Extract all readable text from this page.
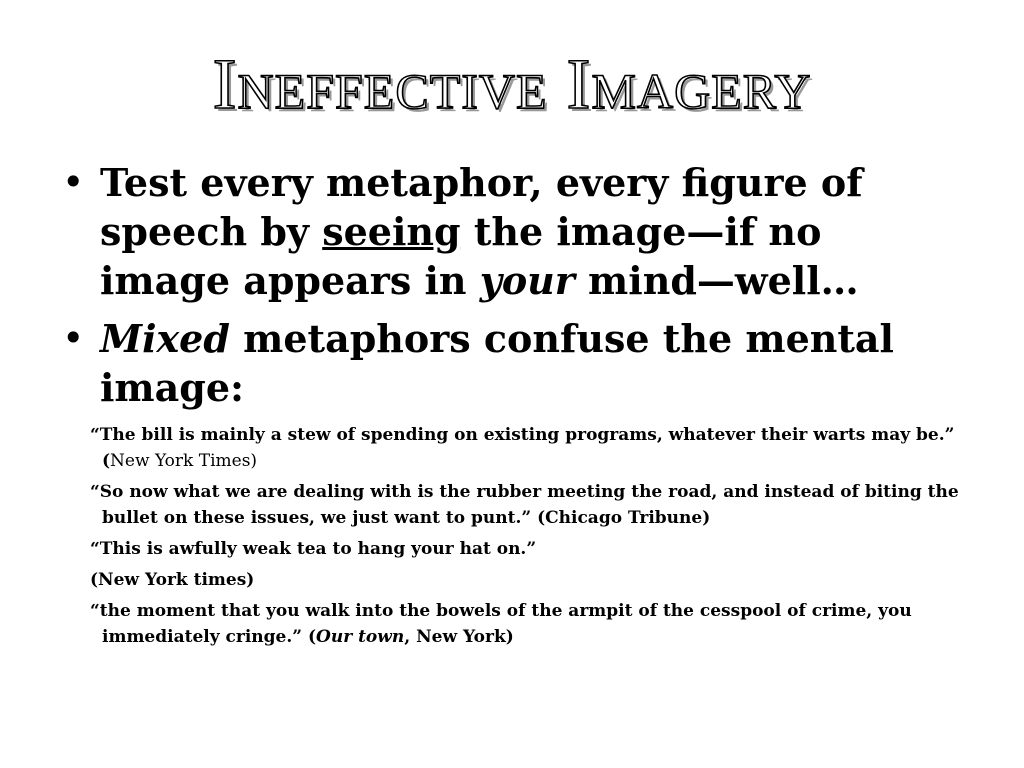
Ineffective Imagery
• Test every metaphor, every figure of speech by seeing the image—if no image appears in your mind—well…
• Mixed metaphors confuse the mental image:
“The bill is mainly a stew of spending on existing programs, whatever their warts may be.” (New York Times)
“So now what we are dealing with is the rubber meeting the road, and instead of biting the bullet on these issues, we just want to punt.” (Chicago Tribune)
“This is awfully weak tea to hang your hat on.”
(New York times)
“the moment that you walk into the bowels of the armpit of the cesspool of crime, you immediately cringe.” (Our town, New York)
